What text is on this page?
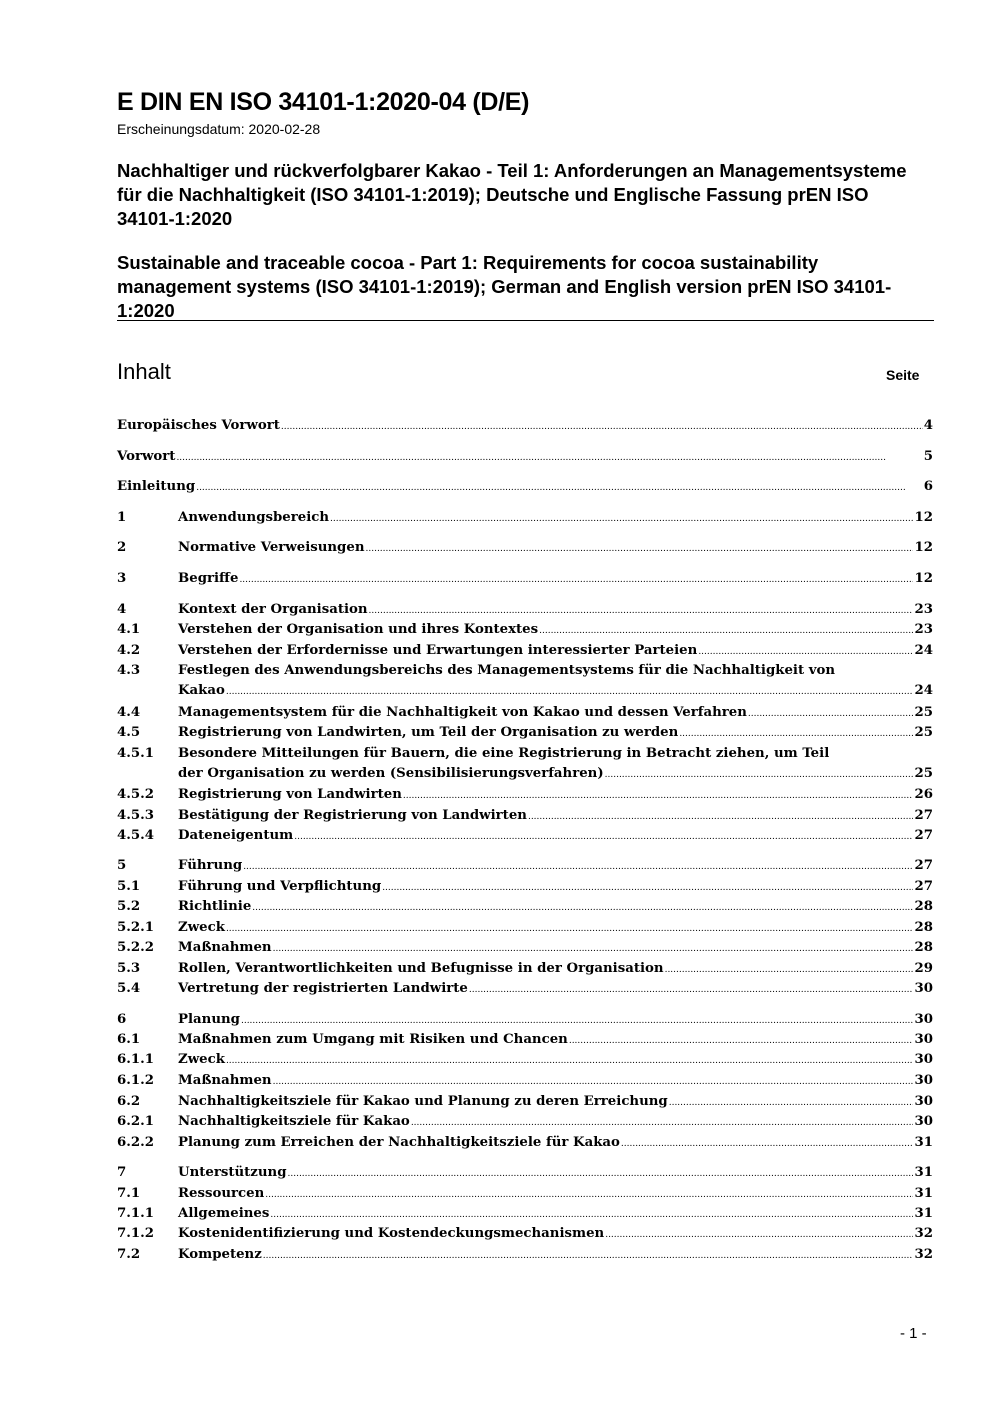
E DIN EN ISO 34101-1:2020-04 (D/E)
Erscheinungsdatum: 2020-02-28
Nachhaltiger und rückverfolgbarer Kakao - Teil 1: Anforderungen an Managementsysteme für die Nachhaltigkeit (ISO 34101-1:2019); Deutsche und Englische Fassung prEN ISO 34101-1:2020
Sustainable and traceable cocoa - Part 1: Requirements for cocoa sustainability management systems (ISO 34101-1:2019); German and English version prEN ISO 34101-1:2020
Inhalt	Seite
Europäisches Vorwort .....	4
Vorwort .....	5
Einleitung .....	6
1	Anwendungsbereich .....	12
2	Normative Verweisungen .....	12
3	Begriffe .....	12
4	Kontext der Organisation .....	23
4.1	Verstehen der Organisation und ihres Kontextes .....	23
4.2	Verstehen der Erfordernisse und Erwartungen interessierter Parteien .....	24
4.3	Festlegen des Anwendungsbereichs des Managementsystems für die Nachhaltigkeit von
Kakao .....	24
4.4	Managementsystem für die Nachhaltigkeit von Kakao und dessen Verfahren .....	25
4.5	Registrierung von Landwirten, um Teil der Organisation zu werden .....	25
4.5.1 Besondere Mitteilungen für Bauern, die eine Registrierung in Betracht ziehen, um Teil
der Organisation zu werden (Sensibilisierungsverfahren) .....	25
4.5.2 Registrierung von Landwirten .....	26
4.5.3 Bestätigung der Registrierung von Landwirten .....	27
4.5.4 Dateneigentum .....	27
5	Führung .....	27
5.1	Führung und Verpflichtung .....	27
5.2	Richtlinie .....	28
5.2.1 Zweck .....	28
5.2.2 Maßnahmen .....	28
5.3	Rollen, Verantwortlichkeiten und Befugnisse in der Organisation .....	29
5.4	Vertretung der registrierten Landwirte .....	30
6	Planung .....	30
6.1	Maßnahmen zum Umgang mit Risiken und Chancen .....	30
6.1.1 Zweck .....	30
6.1.2 Maßnahmen .....	30
6.2	Nachhaltigkeitsziele für Kakao und Planung zu deren Erreichung .....	30
6.2.1 Nachhaltigkeitsziele für Kakao .....	30
6.2.2 Planung zum Erreichen der Nachhaltigkeitsziele für Kakao .....	31
7	Unterstützung .....	31
7.1	Ressourcen .....	31
7.1.1 Allgemeines .....	31
7.1.2 Kostenidentifizierung und Kostendeckungsmechanismen .....	32
7.2	Kompetenz .....	32
- 1 -
